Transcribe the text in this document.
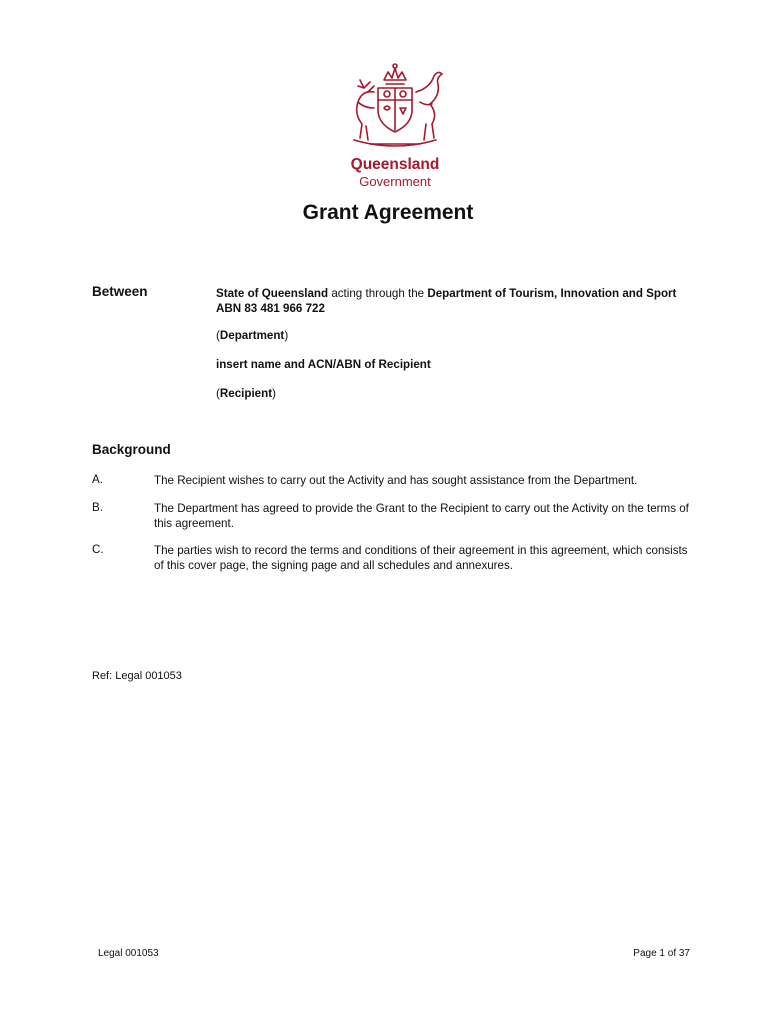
Queensland
Government
Grant Agreement
Between	State of Queensland acting through the Department of Tourism, Innovation and Sport ABN 83 481 966 722
(Department)
insert name and ACN/ABN of Recipient
(Recipient)
Background
A.	The Recipient wishes to carry out the Activity and has sought assistance from the Department.
B.	The Department has agreed to provide the Grant to the Recipient to carry out the Activity on the terms of this agreement.
C.	The parties wish to record the terms and conditions of their agreement in this agreement, which consists of this cover page, the signing page and all schedules and annexures.
Ref: Legal 001053
Legal 001053	Page 1 of 37
